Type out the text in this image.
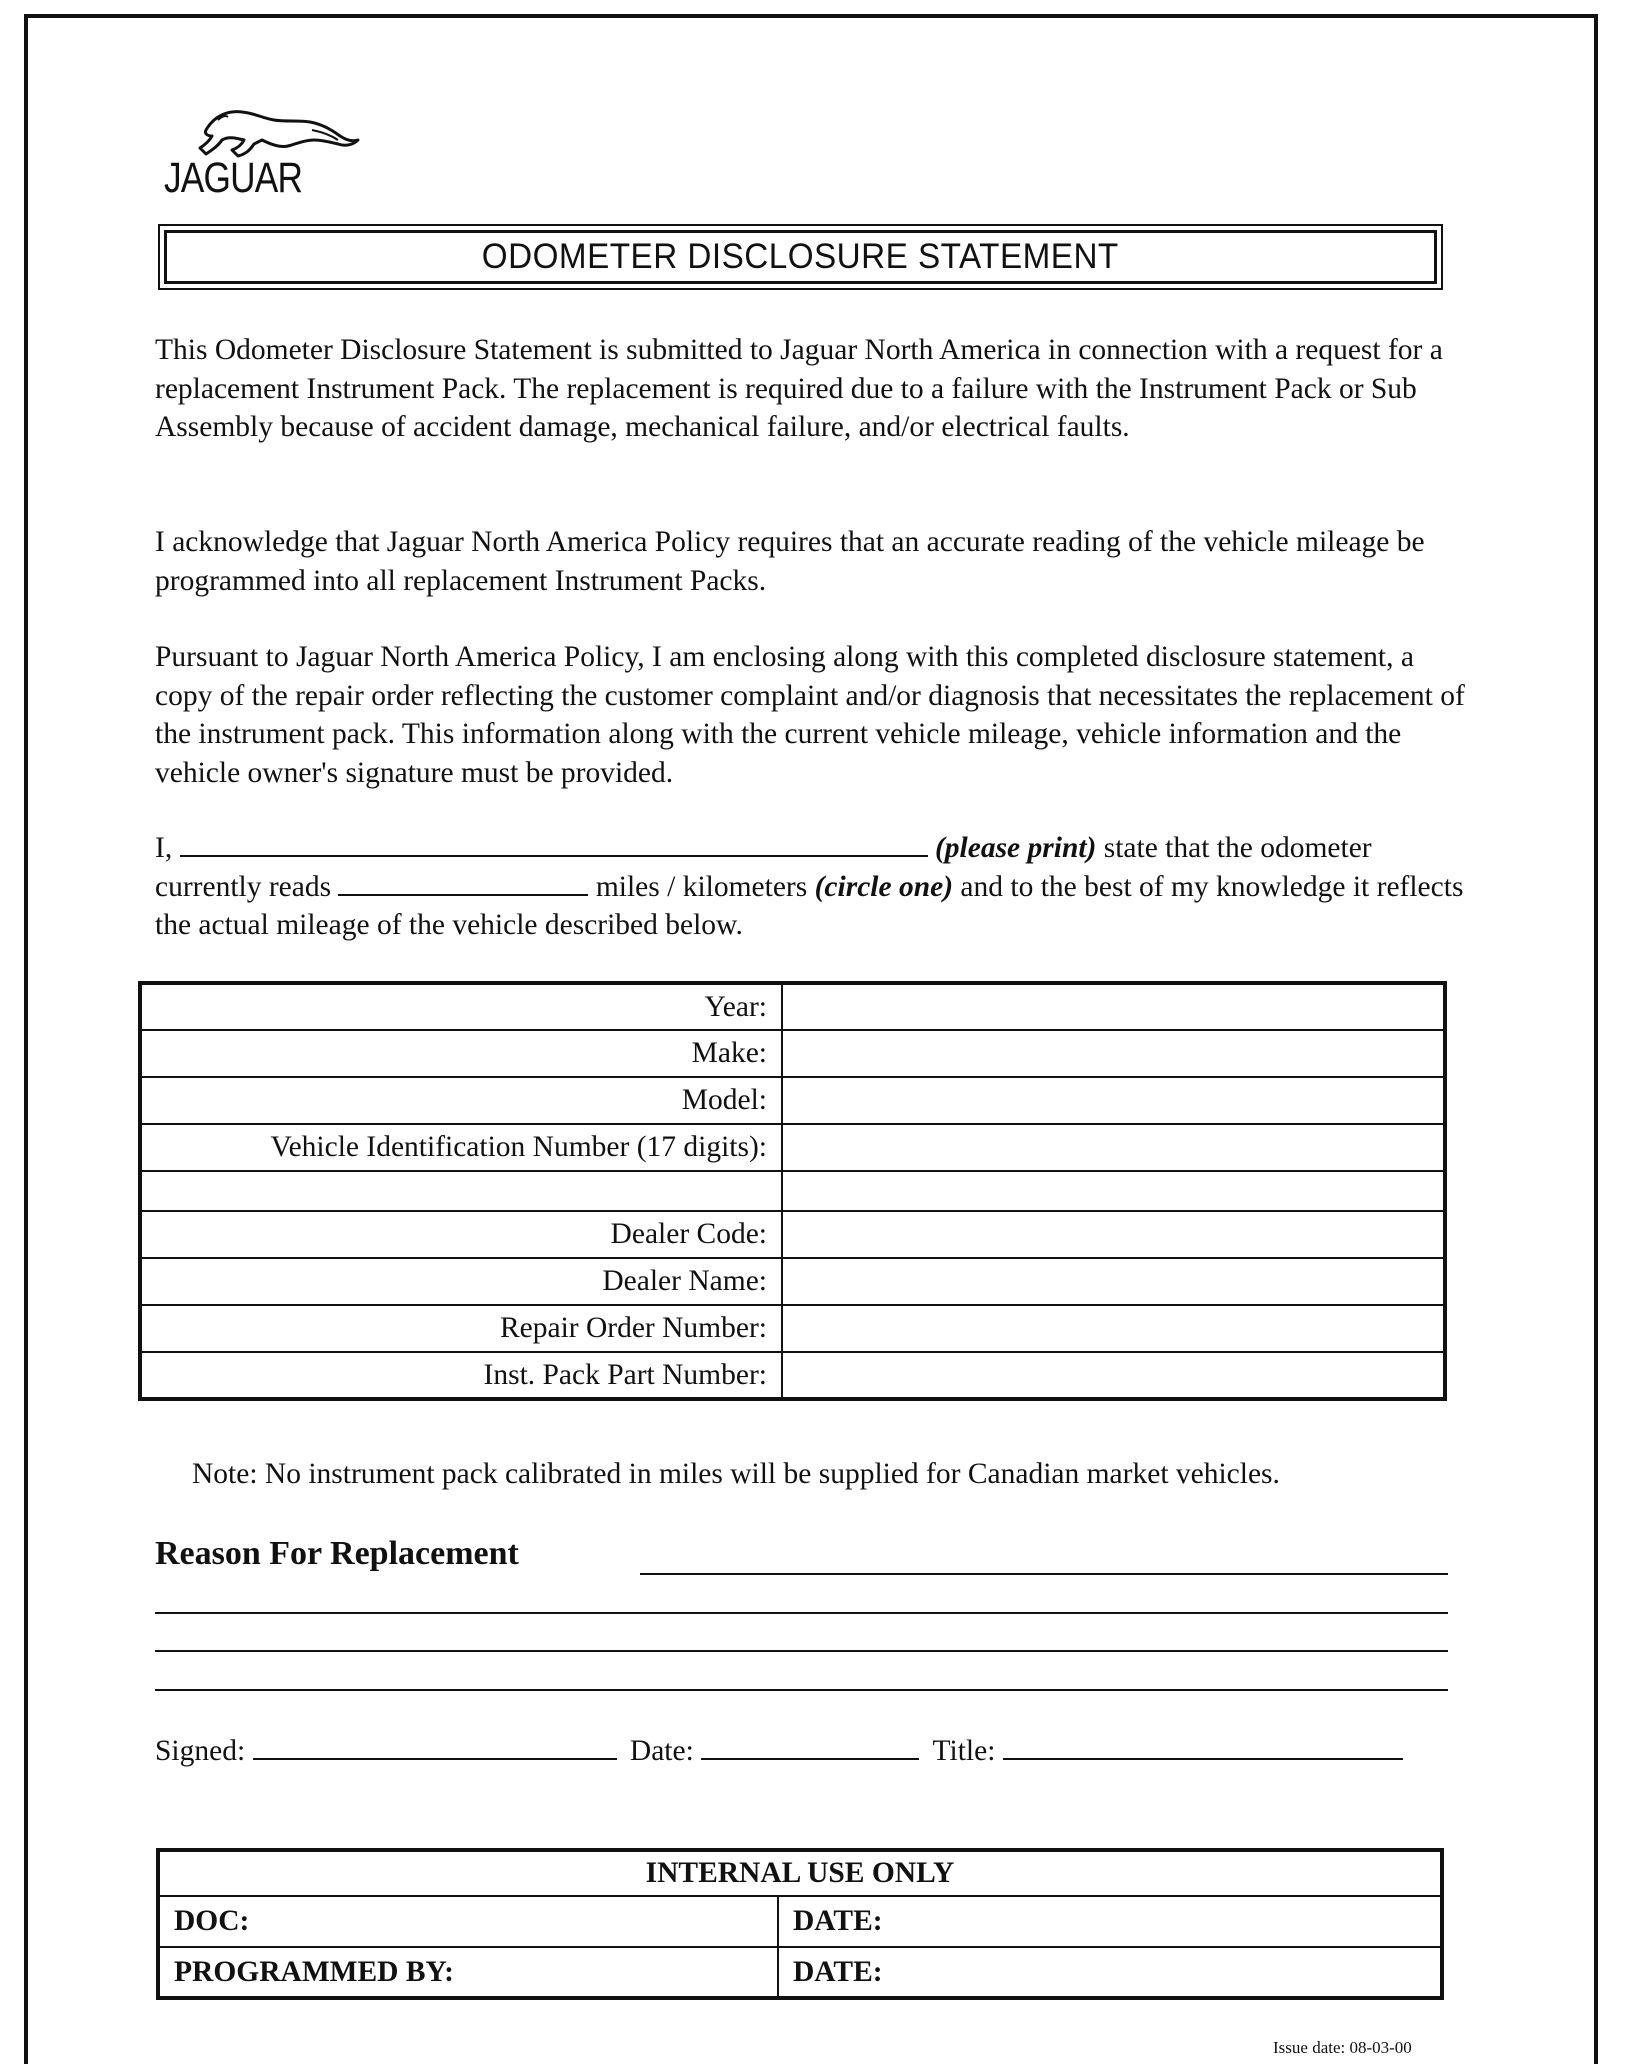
JAGUAR
ODOMETER DISCLOSURE STATEMENT

This Odometer Disclosure Statement is submitted to Jaguar North America in connection with a request for a replacement Instrument Pack. The replacement is required due to a failure with the Instrument Pack or Sub Assembly because of accident damage, mechanical failure, and/or electrical faults.

I acknowledge that Jaguar North America Policy requires that an accurate reading of the vehicle mileage be programmed into all replacement Instrument Packs.

Pursuant to Jaguar North America Policy, I am enclosing along with this completed disclosure statement, a copy of the repair order reflecting the customer complaint and/or diagnosis that necessitates the replacement of the instrument pack. This information along with the current vehicle mileage, vehicle information and the vehicle owner's signature must be provided.

I,	(please print) state that the odometer currently reads	miles / kilometers (circle one) and to the best of my knowledge it reflects the actual mileage of the vehicle described below.

Year:	
Make:	
Model:	
Vehicle Identification Number (17 digits):	

Dealer Code:	
Dealer Name:	
Repair Order Number:	
Inst. Pack Part Number:	
Note: No instrument pack calibrated in miles will be supplied for Canadian market vehicles.
Reason For Replacement
Signed:	Date:	Title:
INTERNAL USE ONLY	
DOC:	DATE:
PROGRAMMED BY:	DATE:
Issue date: 08-03-00
